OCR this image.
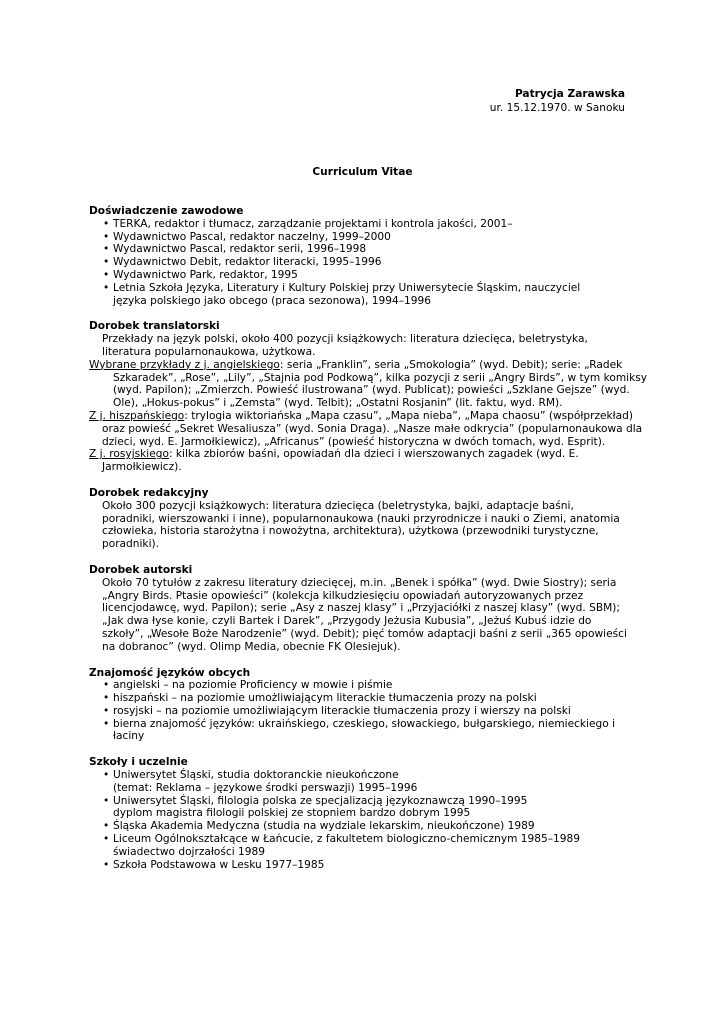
Patrycja Zarawska
ur. 15.12.1970. w Sanoku
Curriculum Vitae
Doświadczenie zawodowe
• TERKA, redaktor i tłumacz, zarządzanie projektami i kontrola jakości, 2001–
• Wydawnictwo Pascal, redaktor naczelny, 1999–2000
• Wydawnictwo Pascal, redaktor serii, 1996–1998
• Wydawnictwo Debit, redaktor literacki, 1995–1996
• Wydawnictwo Park, redaktor, 1995
• Letnia Szkoła Języka, Literatury i Kultury Polskiej przy Uniwersytecie Śląskim, nauczyciel języka polskiego jako obcego (praca sezonowa), 1994–1996
Dorobek translatorski
Przekłady na język polski, około 400 pozycji książkowych: literatura dziecięca, beletrystyka, literatura popularnonaukowa, użytkowa.
Wybrane przykłady z j. angielskiego: seria „Franklin”, seria „Smokologia” (wyd. Debit); serie: „Radek Szkaradek”, „Rose”, „Lily”, „Stajnia pod Podkową”, kilka pozycji z serii „Angry Birds”, w tym komiksy (wyd. Papilon); „Zmierzch. Powieść ilustrowana” (wyd. Publicat); powieści „Szklane Gejsze” (wyd. Ole), „Hokus-pokus” i „Zemsta” (wyd. Telbit); „Ostatni Rosjanin” (lit. faktu, wyd. RM).
Z j. hiszpańskiego: trylogia wiktoriańska „Mapa czasu”, „Mapa nieba”, „Mapa chaosu” (współprzekład) oraz powieść „Sekret Wesaliusza” (wyd. Sonia Draga). „Nasze małe odkrycia” (popularnonaukowa dla dzieci, wyd. E. Jarmołkiewicz), „Africanus” (powieść historyczna w dwóch tomach, wyd. Esprit).
Z j. rosyjskiego: kilka zbiorów baśni, opowiadań dla dzieci i wierszowanych zagadek (wyd. E. Jarmołkiewicz).
Dorobek redakcyjny
Około 300 pozycji książkowych: literatura dziecięca (beletrystyka, bajki, adaptacje baśni, poradniki, wierszowanki i inne), popularnonaukowa (nauki przyrodnicze i nauki o Ziemi, anatomia człowieka, historia starożytna i nowożytna, architektura), użytkowa (przewodniki turystyczne, poradniki).
Dorobek autorski
Około 70 tytułów z zakresu literatury dziecięcej, m.in. „Benek i spółka” (wyd. Dwie Siostry); seria „Angry Birds. Ptasie opowieści” (kolekcja kilkudziesięciu opowiadań autoryzowanych przez licencjodawcę, wyd. Papilon); serie „Asy z naszej klasy” i „Przyjaciółki z naszej klasy” (wyd. SBM); „Jak dwa łyse konie, czyli Bartek i Darek”, „Przygody Jeżusia Kubusia”, „Jeżuś Kubuś idzie do szkoły”, „Wesołe Boże Narodzenie” (wyd. Debit); pięć tomów adaptacji baśni z serii „365 opowieści na dobranoc” (wyd. Olimp Media, obecnie FK Olesiejuk).
Znajomość języków obcych
• angielski – na poziomie Proficiency w mowie i piśmie
• hiszpański – na poziomie umożliwiającym literackie tłumaczenia prozy na polski
• rosyjski – na poziomie umożliwiającym literackie tłumaczenia prozy i wierszy na polski
• bierna znajomość języków: ukraińskiego, czeskiego, słowackiego, bułgarskiego, niemieckiego i łaciny
Szkoły i uczelnie
• Uniwersytet Śląski, studia doktoranckie nieukończone
(temat: Reklama – językowe środki perswazji) 1995–1996
• Uniwersytet Śląski, filologia polska ze specjalizacją językoznawczą 1990–1995
dyplom magistra filologii polskiej ze stopniem bardzo dobrym 1995
• Śląska Akademia Medyczna (studia na wydziale lekarskim, nieukończone) 1989
• Liceum Ogólnokształcące w Łańcucie, z fakultetem biologiczno-chemicznym 1985–1989
świadectwo dojrzałości 1989
• Szkoła Podstawowa w Lesku 1977–1985
